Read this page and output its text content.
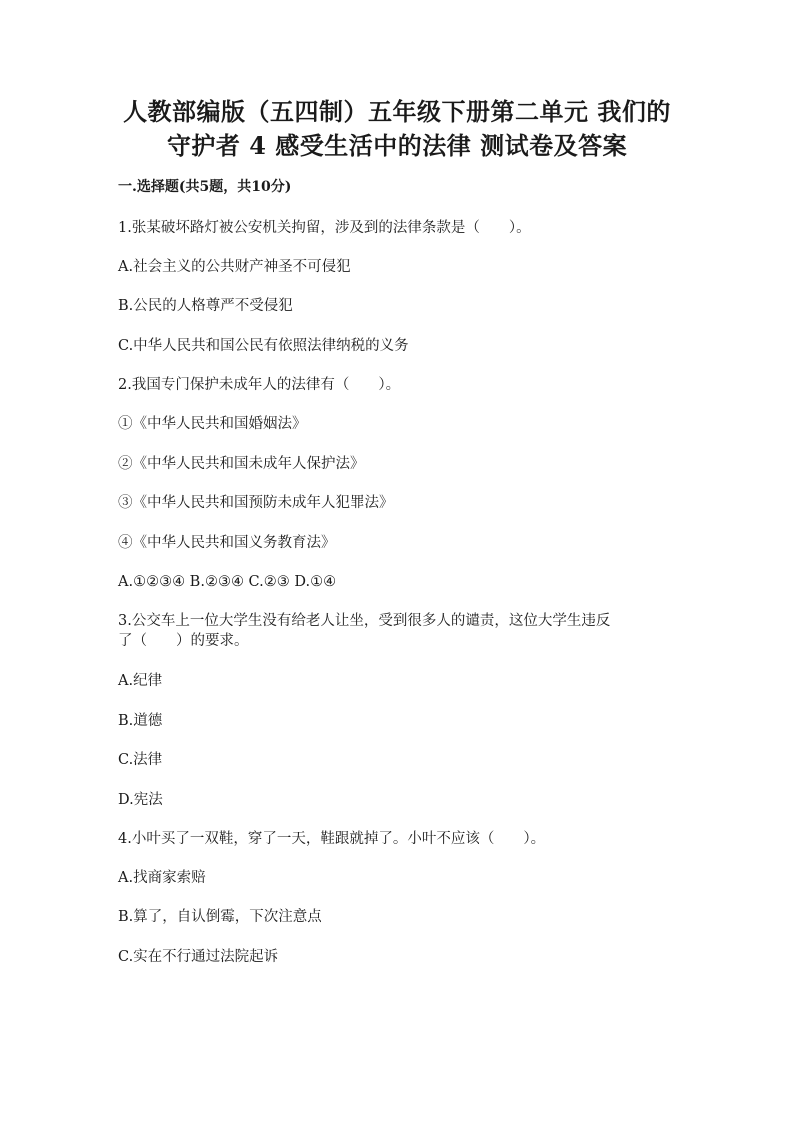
人教部编版（五四制）五年级下册第二单元 我们的
守护者 4 感受生活中的法律 测试卷及答案
一.选择题(共5题，共10分)
1.张某破坏路灯被公安机关拘留，涉及到的法律条款是（　　）。
A.社会主义的公共财产神圣不可侵犯
B.公民的人格尊严不受侵犯
C.中华人民共和国公民有依照法律纳税的义务
2.我国专门保护未成年人的法律有（　　）。
①《中华人民共和国婚姻法》
②《中华人民共和国未成年人保护法》
③《中华人民共和国预防未成年人犯罪法》
④《中华人民共和国义务教育法》
A.①②③④ B.②③④ C.②③ D.①④
3.公交车上一位大学生没有给老人让坐，受到很多人的谴责，这位大学生违反
了（　　）的要求。
A.纪律
B.道德
C.法律
D.宪法
4.小叶买了一双鞋，穿了一天，鞋跟就掉了。小叶不应该（　　）。
A.找商家索赔
B.算了，自认倒霉，下次注意点
C.实在不行通过法院起诉
